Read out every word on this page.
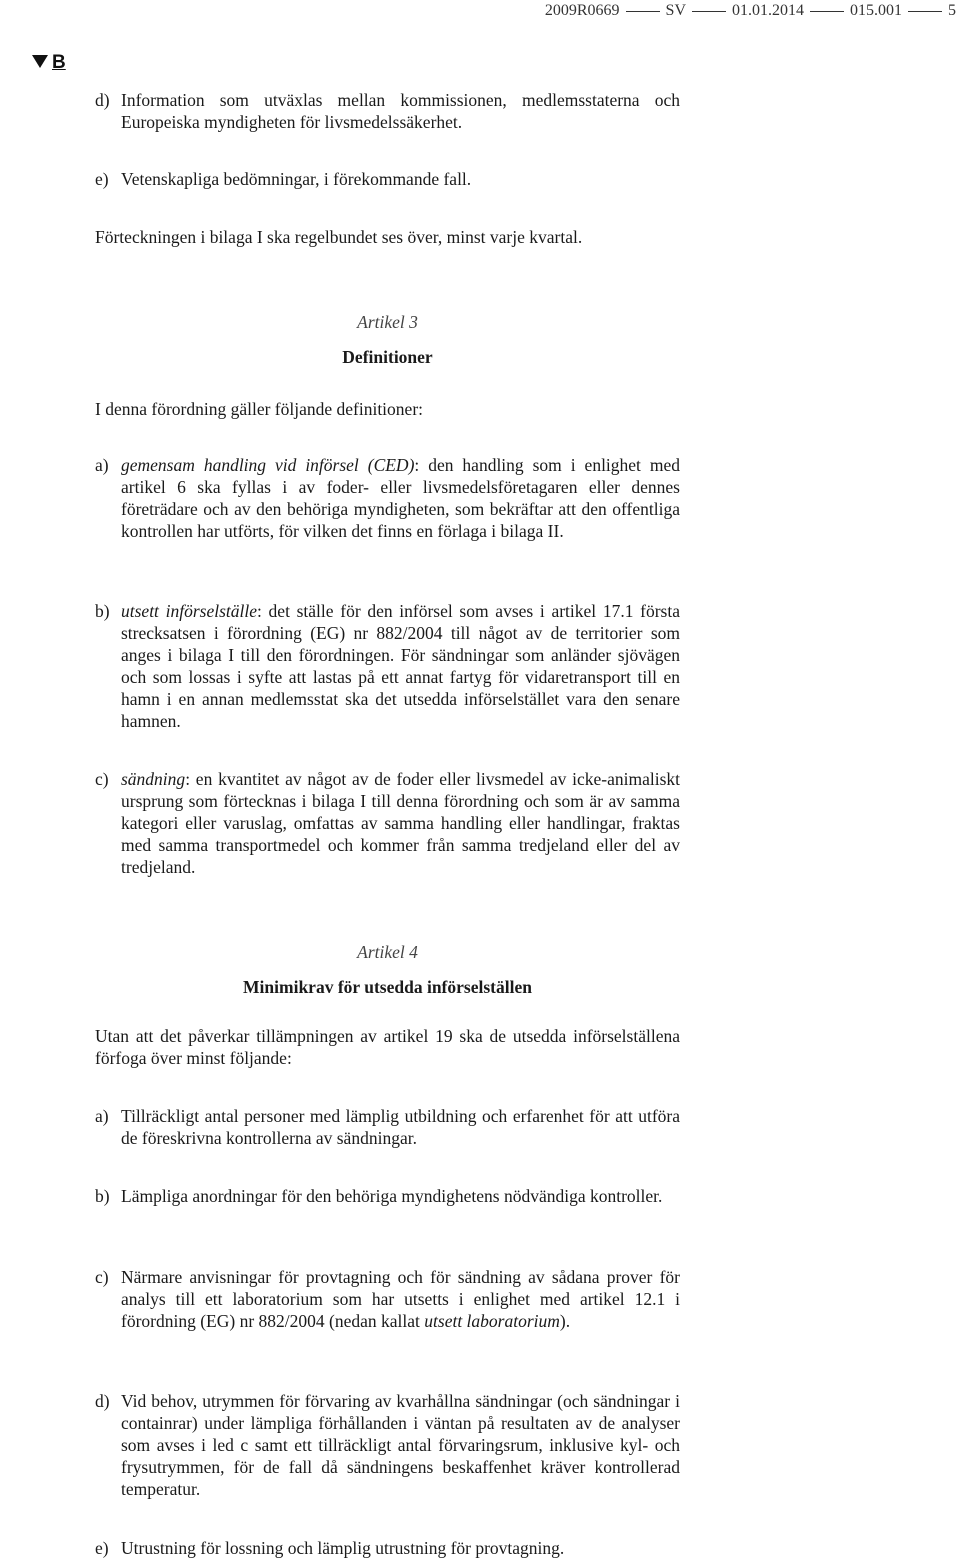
2009R0669	SV	01.01.2014	015.001	5
B
d) Information som utväxlas mellan kommissionen, medlemsstaterna och Europeiska myndigheten för livsmedelssäkerhet.
e) Vetenskapliga bedömningar, i förekommande fall.
Förteckningen i bilaga I ska regelbundet ses över, minst varje kvartal.
Artikel 3
Definitioner
I denna förordning gäller följande definitioner:
a) gemensam handling vid införsel (CED): den handling som i enlighet med artikel 6 ska fyllas i av foder- eller livsmedelsföretagaren eller dennes företrädare och av den behöriga myndigheten, som bekräftar att den offentliga kontrollen har utförts, för vilken det finns en förlaga i bilaga II.
b) utsett införselställe: det ställe för den införsel som avses i artikel 17.1 första strecksatsen i förordning (EG) nr 882/2004 till något av de territorier som anges i bilaga I till den förordningen. För sändningar som anländer sjövägen och som lossas i syfte att lastas på ett annat fartyg för vidaretransport till en hamn i en annan medlemsstat ska det utsedda införselstället vara den senare hamnen.
c) sändning: en kvantitet av något av de foder eller livsmedel av icke-animaliskt ursprung som förtecknas i bilaga I till denna förordning och som är av samma kategori eller varuslag, omfattas av samma handling eller handlingar, fraktas med samma transportmedel och kommer från samma tredjeland eller del av tredjeland.
Artikel 4
Minimikrav för utsedda införselställen
Utan att det påverkar tillämpningen av artikel 19 ska de utsedda införselställena förfoga över minst följande:
a) Tillräckligt antal personer med lämplig utbildning och erfarenhet för att utföra de föreskrivna kontrollerna av sändningar.
b) Lämpliga anordningar för den behöriga myndighetens nödvändiga kontroller.
c) Närmare anvisningar för provtagning och för sändning av sådana prover för analys till ett laboratorium som har utsetts i enlighet med artikel 12.1 i förordning (EG) nr 882/2004 (nedan kallat utsett laboratorium).
d) Vid behov, utrymmen för förvaring av kvarhållna sändningar (och sändningar i containrar) under lämpliga förhållanden i väntan på resultaten av de analyser som avses i led c samt ett tillräckligt antal förvaringsrum, inklusive kyl- och frysutrymmen, för de fall då sändningens beskaffenhet kräver kontrollerad temperatur.
e) Utrustning för lossning och lämplig utrustning för provtagning.
